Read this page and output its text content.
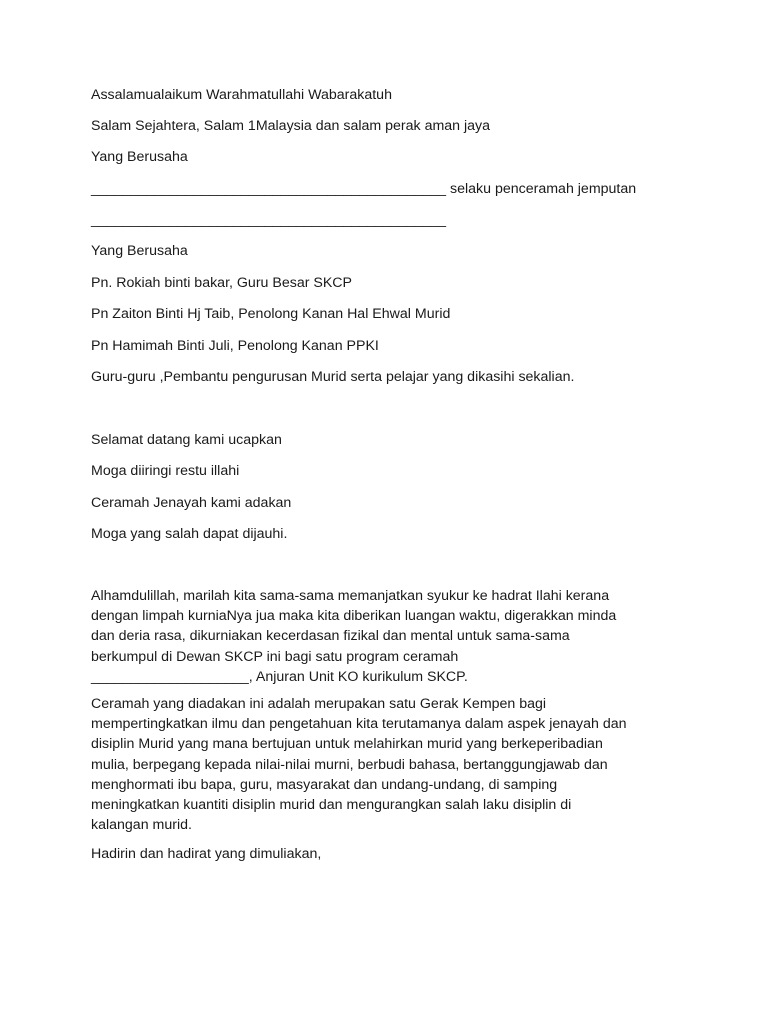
Assalamualaikum Warahmatullahi Wabarakatuh

Salam Sejahtera, Salam 1Malaysia dan salam perak aman jaya

Yang Berusaha

_____________________________________________ selaku penceramah jemputan

_____________________________________________

Yang Berusaha

Pn. Rokiah binti bakar, Guru Besar SKCP

Pn Zaiton Binti Hj Taib, Penolong Kanan Hal Ehwal Murid

Pn Hamimah Binti Juli, Penolong Kanan PPKI

Guru-guru ,Pembantu pengurusan Murid serta pelajar yang dikasihi sekalian.

Selamat datang kami ucapkan

Moga diiringi restu illahi

Ceramah Jenayah kami adakan

Moga yang salah dapat dijauhi.

Alhamdulillah, marilah kita sama-sama memanjatkan syukur ke hadrat Ilahi kerana
dengan limpah kurniaNya jua maka kita diberikan luangan waktu, digerakkan minda
dan deria rasa, dikurniakan kecerdasan fizikal dan mental untuk sama-sama
berkumpul di Dewan SKCP ini bagi satu program ceramah
____________________, Anjuran Unit KO kurikulum SKCP.
Ceramah yang diadakan ini adalah merupakan satu Gerak Kempen bagi
mempertingkatkan ilmu dan pengetahuan kita terutamanya dalam aspek jenayah dan
disiplin Murid yang mana bertujuan untuk melahirkan murid yang berkeperibadian
mulia, berpegang kepada nilai-nilai murni, berbudi bahasa, bertanggungjawab dan
menghormati ibu bapa, guru, masyarakat dan undang-undang, di samping
meningkatkan kuantiti disiplin murid dan mengurangkan salah laku disiplin di
kalangan murid.

Hadirin dan hadirat yang dimuliakan,
